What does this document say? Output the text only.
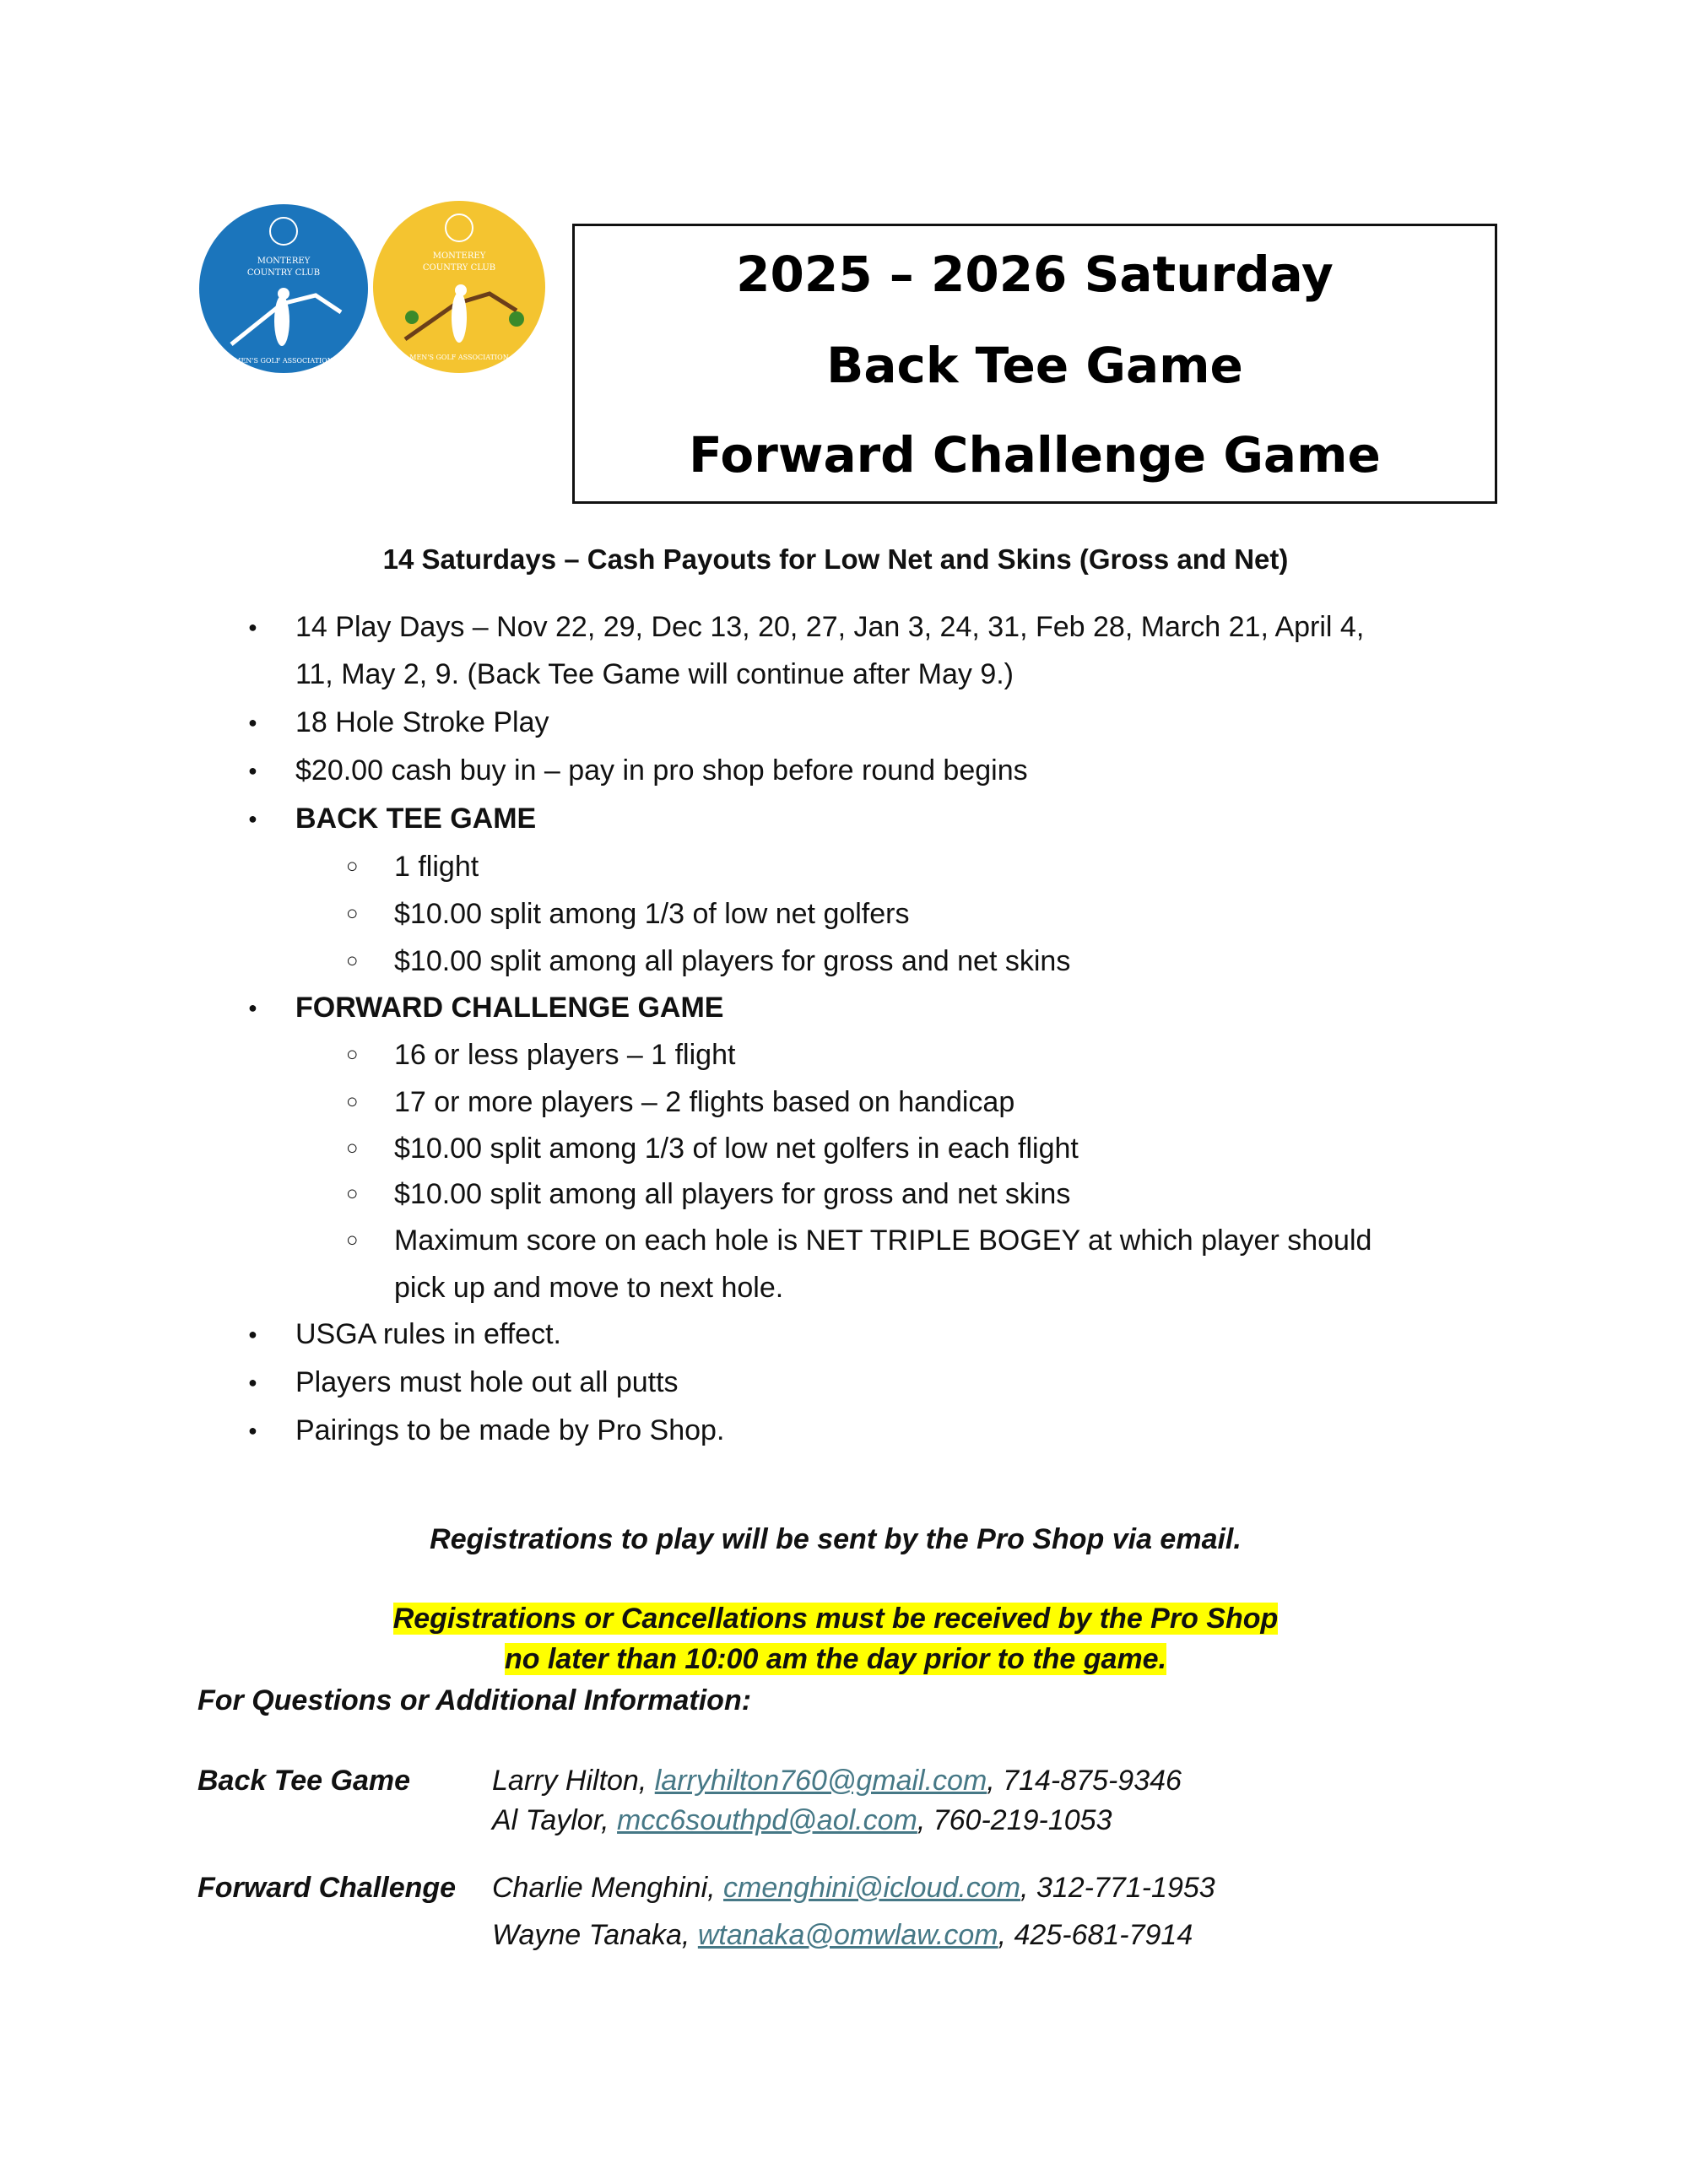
MONTEREY
COUNTRY CLUB
MEN'S GOLF ASSOCIATION
MONTEREY
COUNTRY CLUB
MEN'S GOLF ASSOCIATION
2025 – 2026 Saturday
Back Tee Game
Forward Challenge Game
14 Saturdays – Cash Payouts for Low Net and Skins (Gross and Net)
● 14 Play Days – Nov 22, 29, Dec 13, 20, 27, Jan 3, 24, 31, Feb 28, March 21, April 4,
11, May 2, 9. (Back Tee Game will continue after May 9.)
● 18 Hole Stroke Play
● $20.00 cash buy in – pay in pro shop before round begins
● BACK TEE GAME
○ 1 flight
○ $10.00 split among 1/3 of low net golfers
○ $10.00 split among all players for gross and net skins
● FORWARD CHALLENGE GAME
○ 16 or less players – 1 flight
○ 17 or more players – 2 flights based on handicap
○ $10.00 split among 1/3 of low net golfers in each flight
○ $10.00 split among all players for gross and net skins
○ Maximum score on each hole is NET TRIPLE BOGEY at which player should
pick up and move to next hole.
● USGA rules in effect.
● Players must hole out all putts
● Pairings to be made by Pro Shop.
Registrations to play will be sent by the Pro Shop via email.
Registrations or Cancellations must be received by the Pro Shop
no later than 10:00 am the day prior to the game.
For Questions or Additional Information:
Back Tee Game	Larry Hilton, larryhilton760@gmail.com, 714-875-9346
Al Taylor, mcc6southpd@aol.com, 760-219-1053
Forward Challenge Charlie Menghini, cmenghini@icloud.com, 312-771-1953
Wayne Tanaka, wtanaka@omwlaw.com, 425-681-7914
